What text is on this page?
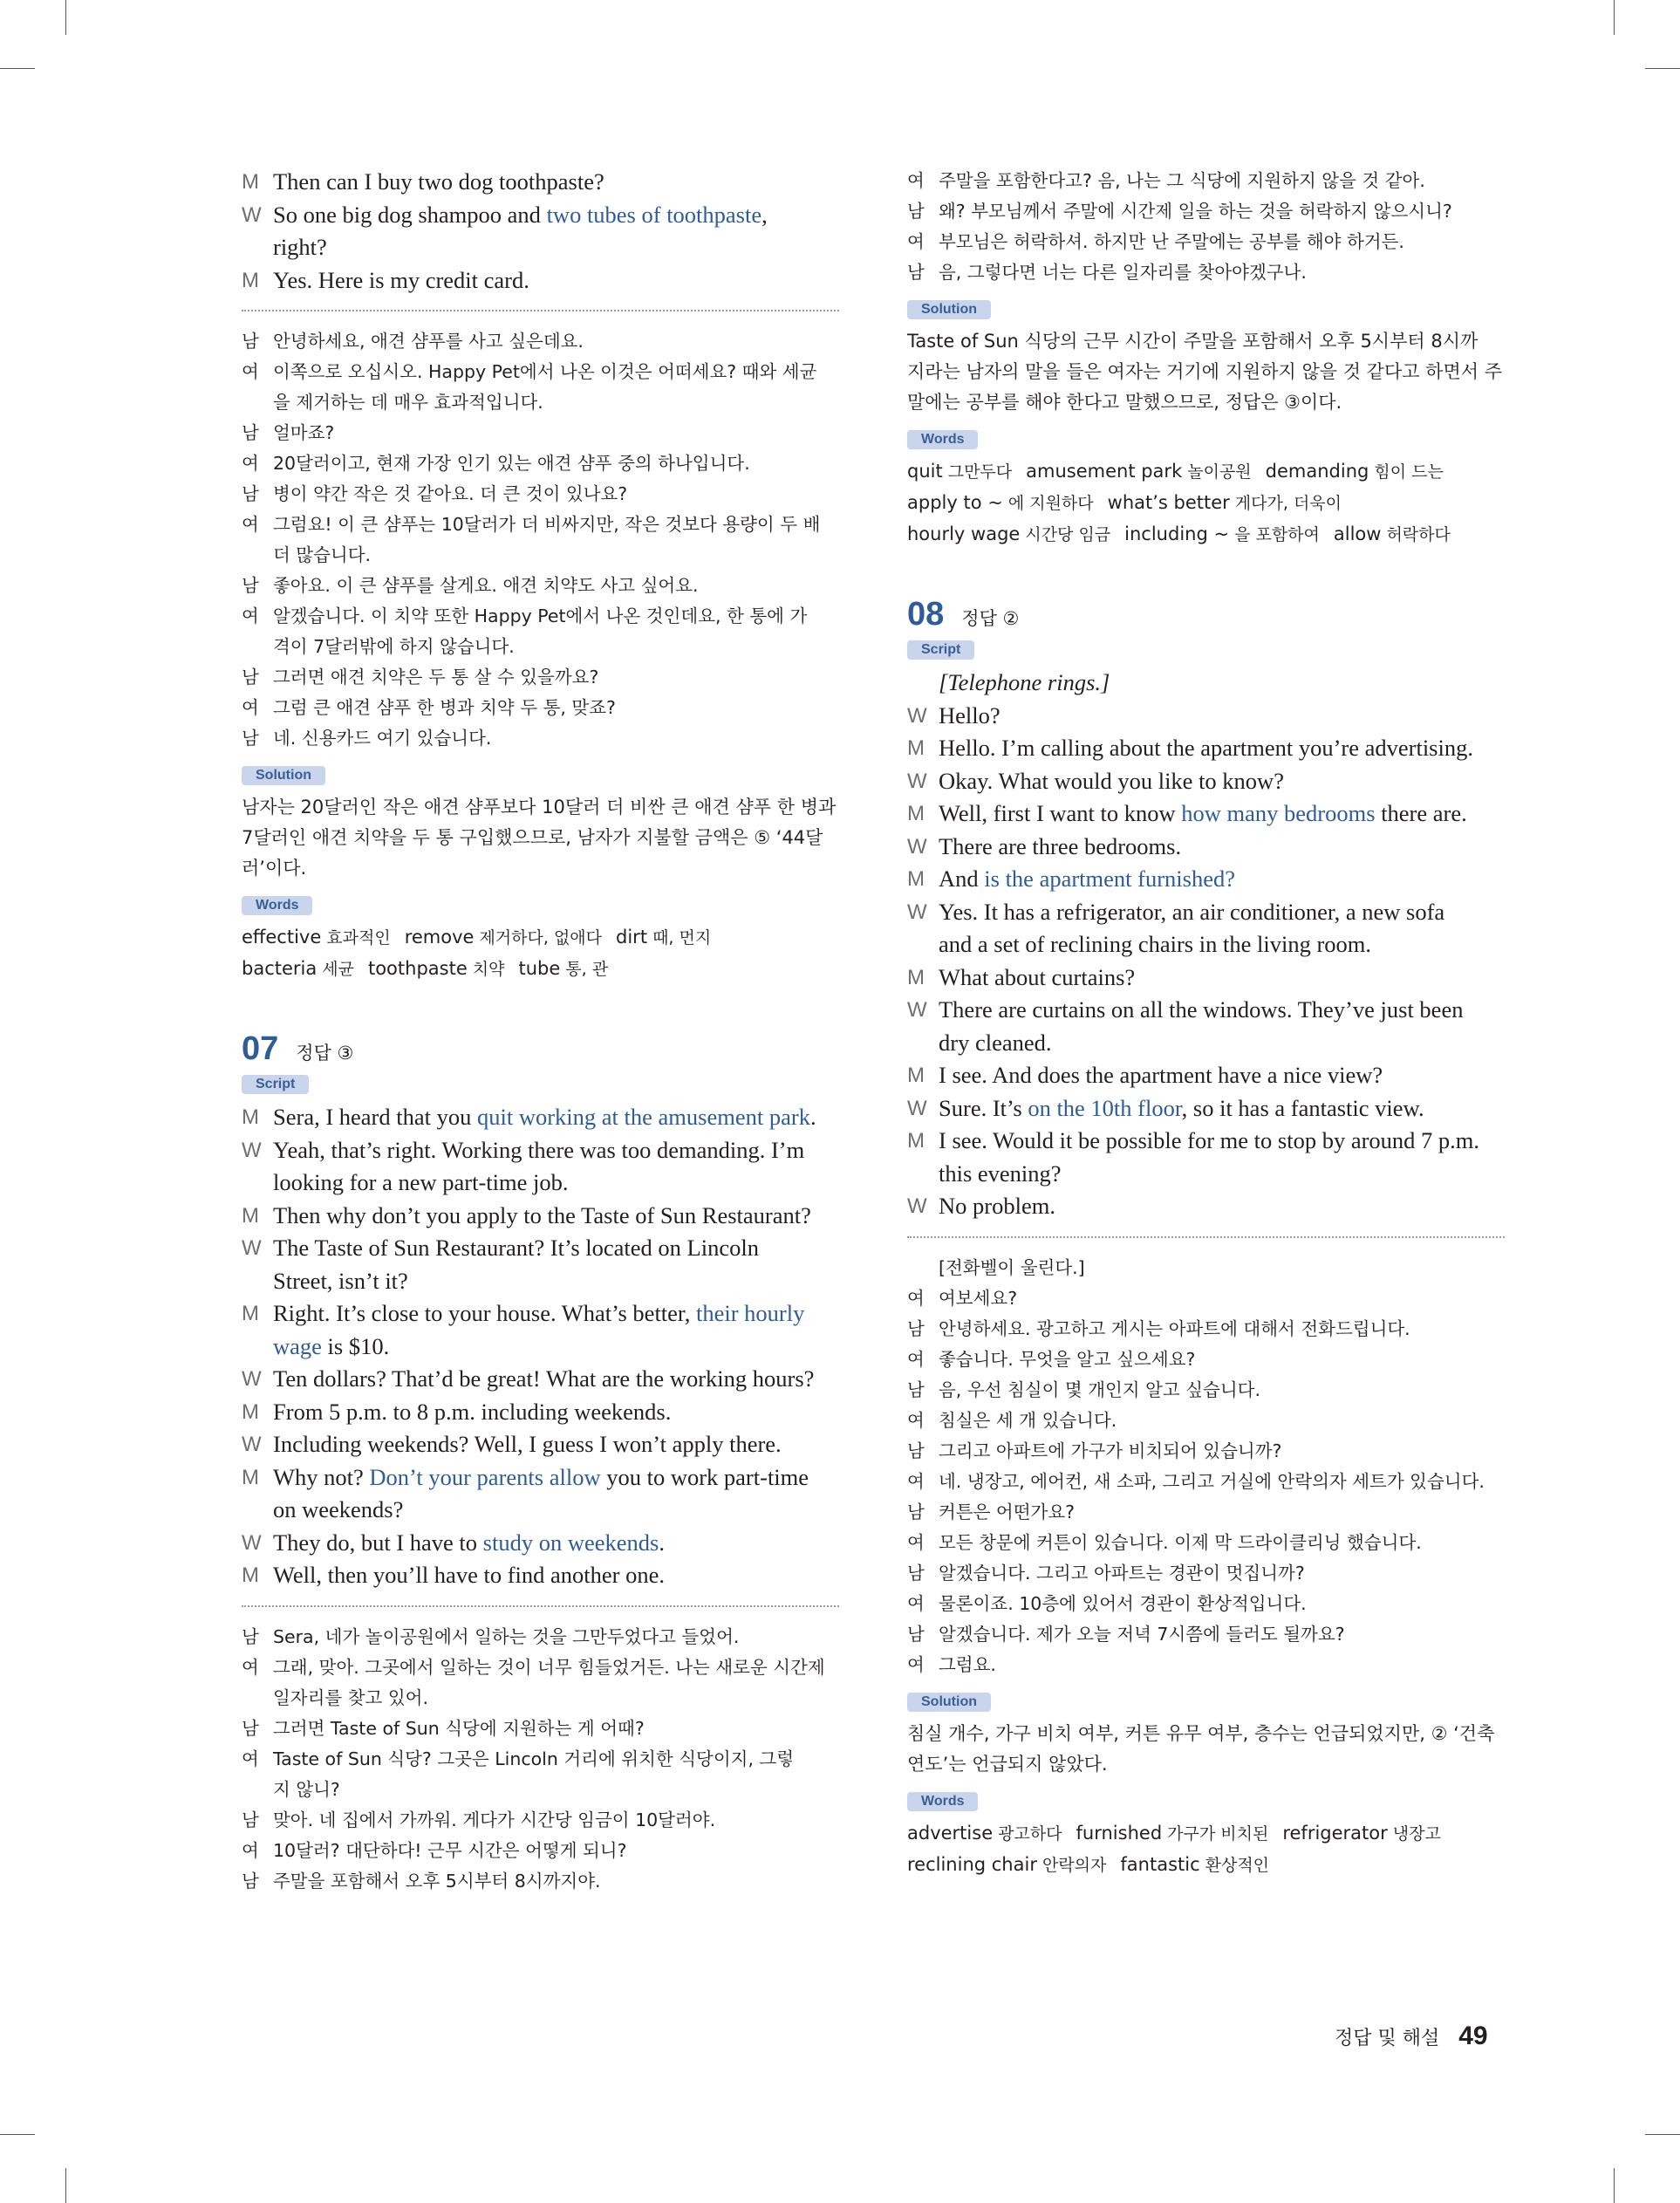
M Then can I buy two dog toothpaste?
W So one big dog shampoo and two tubes of toothpaste,
right?
M Yes. Here is my credit card.
남 안녕하세요, 애견 샴푸를 사고 싶은데요.
여 이쪽으로 오십시오. Happy Pet에서 나온 이것은 어떠세요? 때와 세균
을 제거하는 데 매우 효과적입니다.
남 얼마죠?
여 20달러이고, 현재 가장 인기 있는 애견 샴푸 중의 하나입니다.
남 병이 약간 작은 것 같아요. 더 큰 것이 있나요?
여 그럼요! 이 큰 샴푸는 10달러가 더 비싸지만, 작은 것보다 용량이 두 배
더 많습니다.
남 좋아요. 이 큰 샴푸를 살게요. 애견 치약도 사고 싶어요.
여 알겠습니다. 이 치약 또한 Happy Pet에서 나온 것인데요, 한 통에 가
격이 7달러밖에 하지 않습니다.
남 그러면 애견 치약은 두 통 살 수 있을까요?
여 그럼 큰 애견 샴푸 한 병과 치약 두 통, 맞죠?
남 네. 신용카드 여기 있습니다.
Solution
남자는 20달러인 작은 애견 샴푸보다 10달러 더 비싼 큰 애견 샴푸 한 병과
7달러인 애견 치약을 두 통 구입했으므로, 남자가 지불할 금액은 ⑤ ‘44달
러’이다.
Words
effective 효과적인 remove 제거하다, 없애다 dirt 때, 먼지
bacteria 세균 toothpaste 치약 tube 통, 관
07 정답 ③
Script
M Sera, I heard that you quit working at the amusement park.
W Yeah, that’s right. Working there was too demanding. I’m
looking for a new part-time job.
M Then why don’t you apply to the Taste of Sun Restaurant?
W The Taste of Sun Restaurant? It’s located on Lincoln
Street, isn’t it?
M Right. It’s close to your house. What’s better, their hourly
wage is $10.
W Ten dollars? That’d be great! What are the working hours?
M From 5 p.m. to 8 p.m. including weekends.
W Including weekends? Well, I guess I won’t apply there.
M Why not? Don’t your parents allow you to work part-time
on weekends?
W They do, but I have to study on weekends.
M Well, then you’ll have to find another one.
남 Sera, 네가 놀이공원에서 일하는 것을 그만두었다고 들었어.
여 그래, 맞아. 그곳에서 일하는 것이 너무 힘들었거든. 나는 새로운 시간제
일자리를 찾고 있어.
남 그러면 Taste of Sun 식당에 지원하는 게 어때?
여 Taste of Sun 식당? 그곳은 Lincoln 거리에 위치한 식당이지, 그렇
지 않니?
남 맞아. 네 집에서 가까워. 게다가 시간당 임금이 10달러야.
여 10달러? 대단하다! 근무 시간은 어떻게 되니?
남 주말을 포함해서 오후 5시부터 8시까지야.
여 주말을 포함한다고? 음, 나는 그 식당에 지원하지 않을 것 같아.
남 왜? 부모님께서 주말에 시간제 일을 하는 것을 허락하지 않으시니?
여 부모님은 허락하셔. 하지만 난 주말에는 공부를 해야 하거든.
남 음, 그렇다면 너는 다른 일자리를 찾아야겠구나.
Solution
Taste of Sun 식당의 근무 시간이 주말을 포함해서 오후 5시부터 8시까
지라는 남자의 말을 들은 여자는 거기에 지원하지 않을 것 같다고 하면서 주
말에는 공부를 해야 한다고 말했으므로, 정답은 ③이다.
Words
quit 그만두다 amusement park 놀이공원 demanding 힘이 드는
apply to ~ 에 지원하다 what’s better 게다가, 더욱이
hourly wage 시간당 임금 including ~ 을 포함하여 allow 허락하다
08 정답 ②
Script
[Telephone rings.]
W Hello?
M Hello. I’m calling about the apartment you’re advertising.
W Okay. What would you like to know?
M Well, first I want to know how many bedrooms there are.
W There are three bedrooms.
M And is the apartment furnished?
W Yes. It has a refrigerator, an air conditioner, a new sofa
and a set of reclining chairs in the living room.
M What about curtains?
W There are curtains on all the windows. They’ve just been
dry cleaned.
M I see. And does the apartment have a nice view?
W Sure. It’s on the 10th floor, so it has a fantastic view.
M I see. Would it be possible for me to stop by around 7 p.m.
this evening?
W No problem.
[전화벨이 울린다.]
여 여보세요?
남 안녕하세요. 광고하고 게시는 아파트에 대해서 전화드립니다.
여 좋습니다. 무엇을 알고 싶으세요?
남 음, 우선 침실이 몇 개인지 알고 싶습니다.
여 침실은 세 개 있습니다.
남 그리고 아파트에 가구가 비치되어 있습니까?
여 네. 냉장고, 에어컨, 새 소파, 그리고 거실에 안락의자 세트가 있습니다.
남 커튼은 어떤가요?
여 모든 창문에 커튼이 있습니다. 이제 막 드라이클리닝 했습니다.
남 알겠습니다. 그리고 아파트는 경관이 멋집니까?
여 물론이죠. 10층에 있어서 경관이 환상적입니다.
남 알겠습니다. 제가 오늘 저녁 7시쯤에 들러도 될까요?
여 그럼요.
Solution
침실 개수, 가구 비치 여부, 커튼 유무 여부, 층수는 언급되었지만, ② ‘건축
연도’는 언급되지 않았다.
Words
advertise 광고하다 furnished 가구가 비치된 refrigerator 냉장고
reclining chair 안락의자 fantastic 환상적인
정답 및 해설 49
